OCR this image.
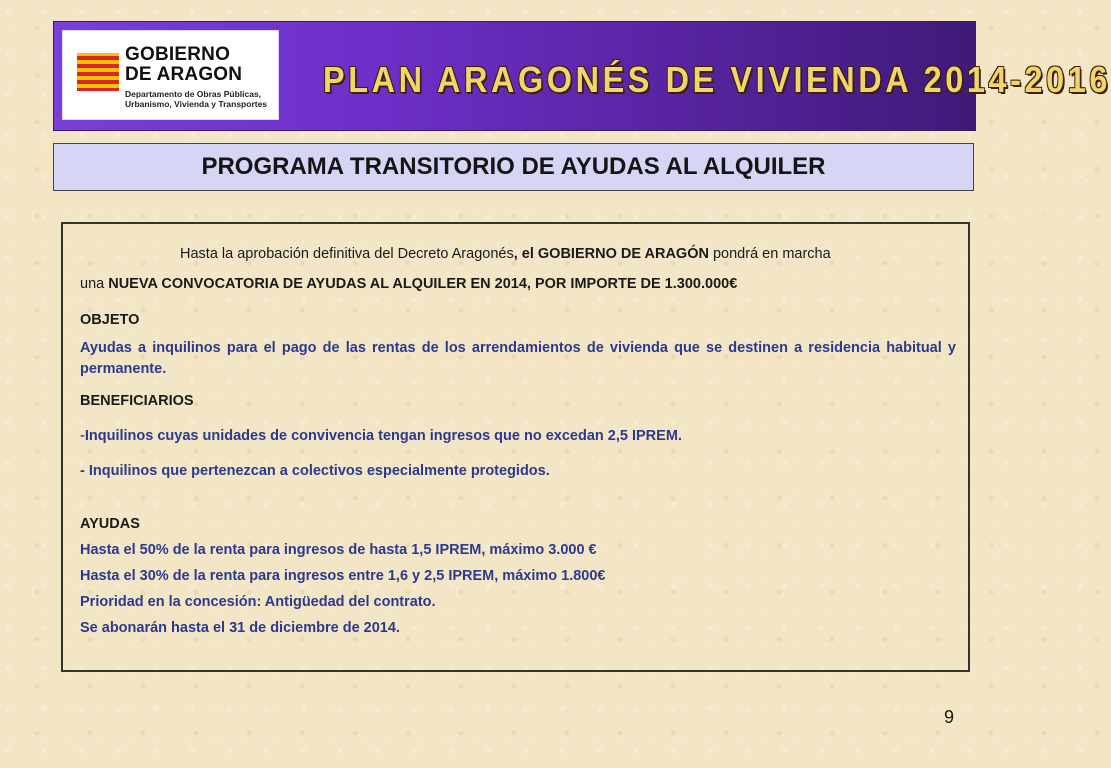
GOBIERNO
DE ARAGON
Departamento de Obras Públicas,
Urbanismo, Vivienda y Transportes
PLAN ARAGONÉS DE VIVIENDA 2014-2016
PROGRAMA TRANSITORIO DE AYUDAS AL ALQUILER
Hasta la aprobación definitiva del Decreto Aragonés, el GOBIERNO DE ARAGÓN pondrá en marcha
una NUEVA CONVOCATORIA DE AYUDAS AL ALQUILER EN 2014, POR IMPORTE DE 1.300.000€
OBJETO
Ayudas a inquilinos para el pago de las rentas de los arrendamientos de vivienda que se destinen a residencia habitual y permanente.
BENEFICIARIOS
-Inquilinos cuyas unidades de convivencia tengan ingresos que no excedan 2,5 IPREM.
- Inquilinos que pertenezcan a colectivos especialmente protegidos.
AYUDAS
Hasta el 50% de la renta para ingresos de hasta 1,5 IPREM, máximo 3.000 €
Hasta el 30% de la renta para ingresos entre 1,6 y 2,5 IPREM, máximo 1.800€
Prioridad en la concesión: Antigüedad del contrato.
Se abonarán hasta el 31 de diciembre de 2014.
9
